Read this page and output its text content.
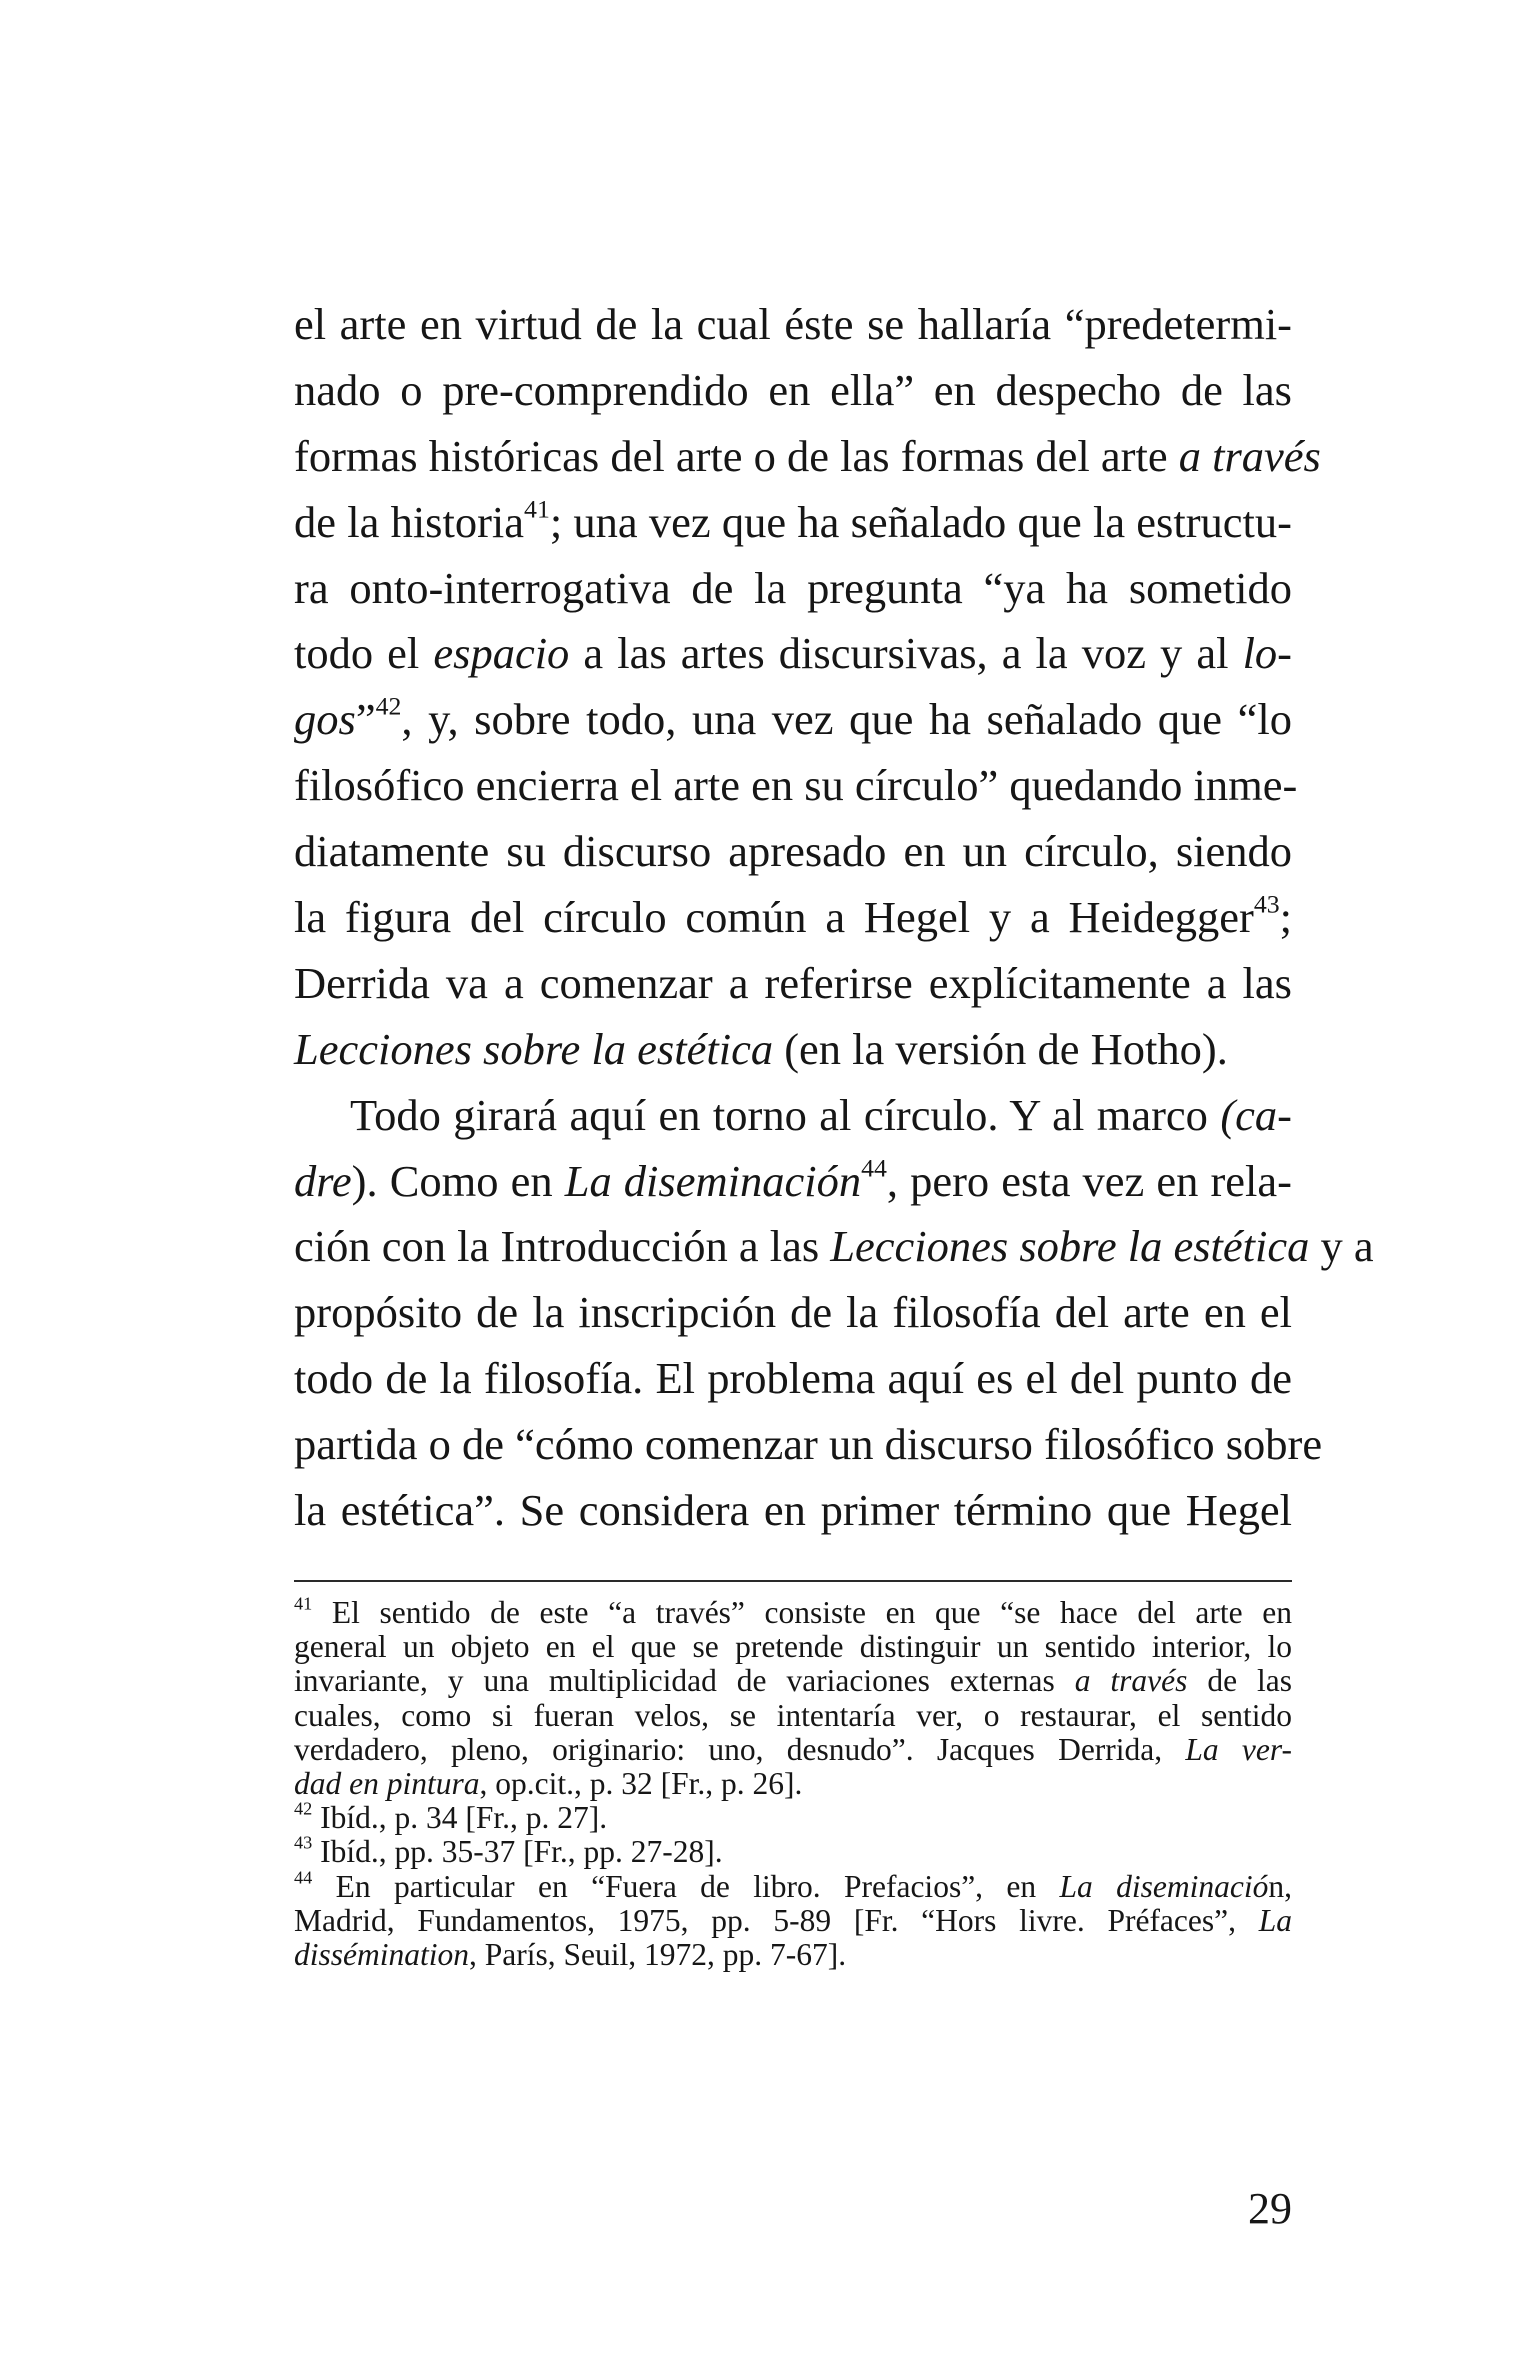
el arte en virtud de la cual éste se hallaría “predetermi-
nado o pre-comprendido en ella” en despecho de las
formas históricas del arte o de las formas del arte a través
de la historia$^{41}$; una vez que ha señalado que la estructu-
ra onto-interrogativa de la pregunta “ya ha sometido
todo el espacio a las artes discursivas, a la voz y al lo-
gos”$^{42}$, y, sobre todo, una vez que ha señalado que “lo
filosófico encierra el arte en su círculo” quedando inme-
diatamente su discurso apresado en un círculo, siendo
la figura del círculo común a Hegel y a Heidegger$^{43}$;
Derrida va a comenzar a referirse explícitamente a las
Lecciones sobre la estética (en la versión de Hotho).
Todo girará aquí en torno al círculo. Y al marco (ca-
dre). Como en La diseminación$^{44}$, pero esta vez en rela-
ción con la Introducción a las Lecciones sobre la estética y a
propósito de la inscripción de la filosofía del arte en el
todo de la filosofía. El problema aquí es el del punto de
partida o de “cómo comenzar un discurso filosófico sobre
la estética”. Se considera en primer término que Hegel
$^{41}$ El sentido de este “a través” consiste en que “se hace del arte en
general un objeto en el que se pretende distinguir un sentido interior, lo
invariante, y una multiplicidad de variaciones externas a través de las
cuales, como si fueran velos, se intentaría ver, o restaurar, el sentido
verdadero, pleno, originario: uno, desnudo”. Jacques Derrida, La ver-
dad en pintura, op.cit., p. 32 [Fr., p. 26].
$^{42}$ Ibíd., p. 34 [Fr., p. 27].
$^{43}$ Ibíd., pp. 35-37 [Fr., pp. 27-28].
$^{44}$ En particular en “Fuera de libro. Prefacios”, en La diseminación,
Madrid, Fundamentos, 1975, pp. 5-89 [Fr. “Hors livre. Préfaces”, La
dissémination, París, Seuil, 1972, pp. 7-67].
29
